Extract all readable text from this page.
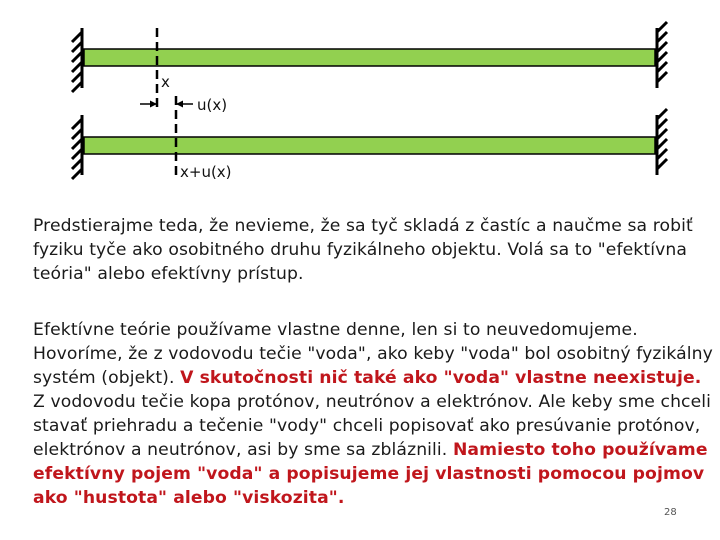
x
u(x)
x+u(x)

Predstierajme teda, že nevieme, že sa tyč skladá z častíc a naučme sa robiť fyziku tyče ako osobitného druhu fyzikálneho objektu. Volá sa to "efektívna teória" alebo efektívny prístup.

Efektívne teórie používame vlastne denne, len si to neuvedomujeme. Hovoríme, že z vodovodu tečie "voda", ako keby "voda" bol osobitný fyzikálny systém (objekt). V skutočnosti nič také ako "voda" vlastne neexistuje. Z vodovodu tečie kopa protónov, neutrónov a elektrónov. Ale keby sme chceli stavať priehradu a tečenie "vody" chceli popisovať ako presúvanie protónov, elektrónov a neutrónov, asi by sme sa zbláznili. Namiesto toho používame efektívny pojem "voda" a popisujeme jej vlastnosti pomocou pojmov ako "hustota" alebo "viskozita".

28
